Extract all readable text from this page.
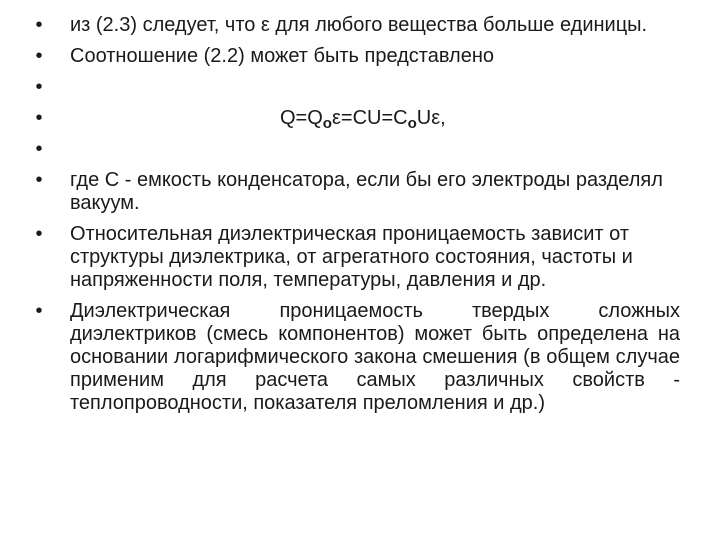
• из (2.3) следует, что ε для любого вещества больше единицы.
• Соотношение (2.2) может быть представлено
•
•	$Q=Q_o\varepsilon=CU=C_oU\varepsilon$,
•
• где C - емкость конденсатора, если бы его электроды разделял вакуум.
• Относительная диэлектрическая проницаемость зависит от структуры диэлектрика, от агрегатного состояния, частоты и напряженности поля, температуры, давления и др.
• Диэлектрическая проницаемость твердых сложных диэлектриков (смесь компонентов) может быть определена на основании логарифмического закона смешения (в общем случае применим для расчета самых различных свойств - теплопроводности, показателя преломления и др.)
